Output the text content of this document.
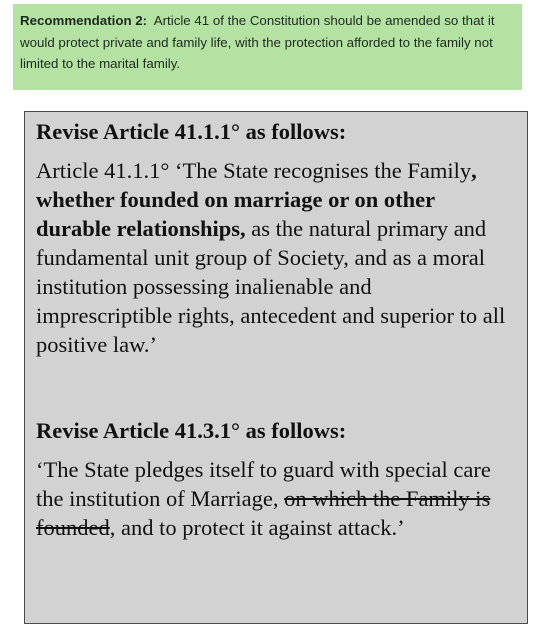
Recommendation 2:  Article 41 of the Constitution should be amended so that it would protect private and family life, with the protection afforded to the family not limited to the marital family.
Revise Article 41.1.1° as follows:

Article 41.1.1° ‘The State recognises the Family, whether founded on marriage or on other durable relationships, as the natural primary and fundamental unit group of Society, and as a moral institution possessing inalienable and imprescriptible rights, antecedent and superior to all positive law.’

Revise Article 41.3.1° as follows:

‘The State pledges itself to guard with special care the institution of Marriage, on which the Family is founded, and to protect it against attack.’
